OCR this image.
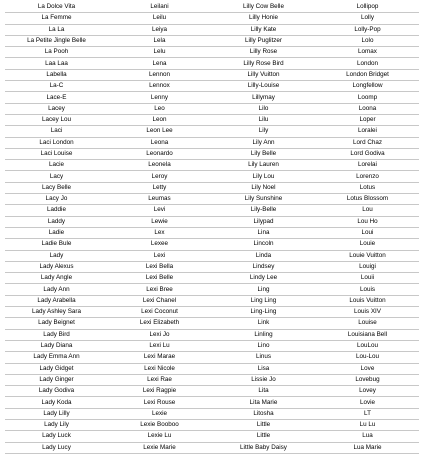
La Dolce Vita	Leilani	Lilly Cow Belle	Lollipop
La Femme	Leilu	Lilly Honie	Lolly
La La	Leiya	Lilly Kate	Lolly-Pop
La Petite Jingle Belle	Lela	Lilly Puglitzer	Lolo
La Pooh	Lelu	Lilly Rose	Lomax
Laa Laa	Lena	Lilly Rose Bird	London
Labella	Lennon	Lilly Vuitton	London Bridget
La-C	Lennox	Lilly-Louise	Longfellow
Lace-E	Lenny	Lillymay	Loomp
Lacey	Leo	Lilo	Loona
Lacey Lou	Leon	Lilu	Loper
Laci	Leon Lee	Lily	Loralei
Laci London	Leona	Lily Ann	Lord Chaz
Laci Louise	Leonardo	Lily Belle	Lord Godiva
Lacie	Leonela	Lily Lauren	Lorelai
Lacy	Leroy	Lily Lou	Lorenzo
Lacy Belle	Letty	Lily Noel	Lotus
Lacy Jo	Leumas	Lily Sunshine	Lotus Blossom
Laddie	Levi	Lily-Belle	Lou
Laddy	Lewie	Lilypad	Lou Ho
Ladie	Lex	Lina	Loui
Ladie Bule	Lexee	Lincoln	Louie
Lady	Lexi	Linda	Louie Vuitton
Lady Alexus	Lexi Bella	Lindsey	Louigi
Lady Angle	Lexi Belle	Lindy Lee	Louii
Lady Ann	Lexi Bree	Ling	Louis
Lady Arabella	Lexi Chanel	Ling Ling	Louis Vuitton
Lady Ashley Sara	Lexi Coconut	Ling-Ling	Louis XIV
Lady Beignet	Lexi Elizabeth	Link	Louise
Lady Bird	Lexi Jo	Linling	Louisiana Bell
Lady Diana	Lexi Lu	Lino	LouLou
Lady Emma Ann	Lexi Marae	Linus	Lou-Lou
Lady Gidget	Lexi Nicole	Lisa	Love
Lady Ginger	Lexi Rae	Lissie Jo	Lovebug
Lady Godiva	Lexi Ragpie	Lita	Lovey
Lady Koda	Lexi Rouse	Lita Marie	Lovie
Lady Lilly	Lexie	Litosha	LT
Lady Lily	Lexie Booboo	Little	Lu Lu
Lady Luck	Lexie Lu	Little	Lua
Lady Lucy	Lexie Marie	Little Baby Daisy	Lua Marie
